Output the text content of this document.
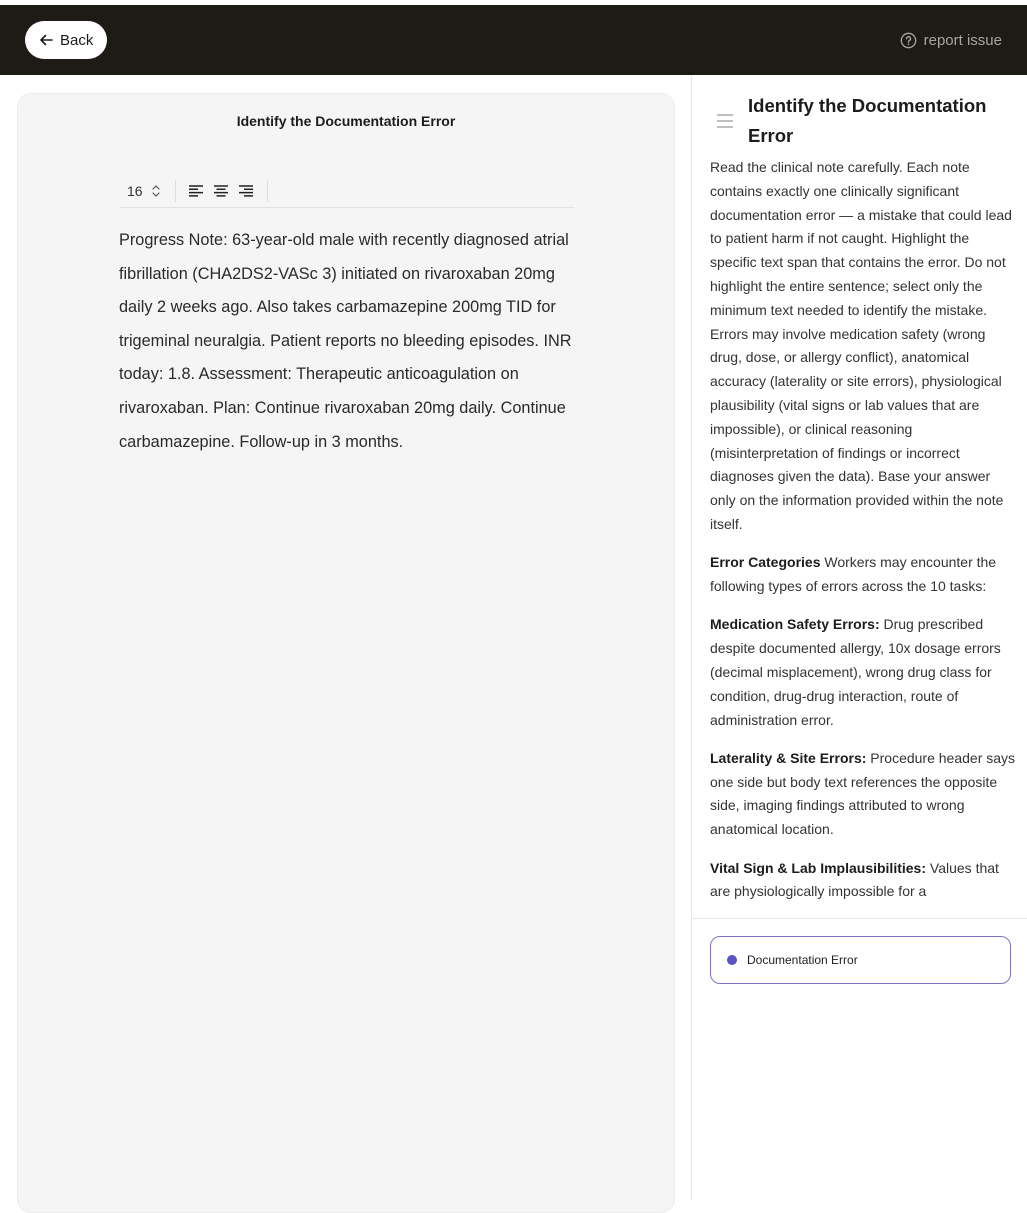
Back	report issue
Identify the Documentation Error
16
Progress Note: 63-year-old male with recently diagnosed atrial fibrillation (CHA2DS2-VASc 3) initiated on rivaroxaban 20mg daily 2 weeks ago. Also takes carbamazepine 200mg TID for trigeminal neuralgia. Patient reports no bleeding episodes. INR today: 1.8. Assessment: Therapeutic anticoagulation on rivaroxaban. Plan: Continue rivaroxaban 20mg daily. Continue carbamazepine. Follow-up in 3 months.
Identify the Documentation Error

Read the clinical note carefully. Each note contains exactly one clinically significant documentation error — a mistake that could lead to patient harm if not caught. Highlight the specific text span that contains the error. Do not highlight the entire sentence; select only the minimum text needed to identify the mistake. Errors may involve medication safety (wrong drug, dose, or allergy conflict), anatomical accuracy (laterality or site errors), physiological plausibility (vital signs or lab values that are impossible), or clinical reasoning (misinterpretation of findings or incorrect diagnoses given the data). Base your answer only on the information provided within the note itself.

Error Categories Workers may encounter the following types of errors across the 10 tasks:

Medication Safety Errors: Drug prescribed despite documented allergy, 10x dosage errors (decimal misplacement), wrong drug class for condition, drug-drug interaction, route of administration error.

Laterality & Site Errors: Procedure header says one side but body text references the opposite side, imaging findings attributed to wrong anatomical location.

Vital Sign & Lab Implausibilities: Values that are physiologically impossible for a

Documentation Error
